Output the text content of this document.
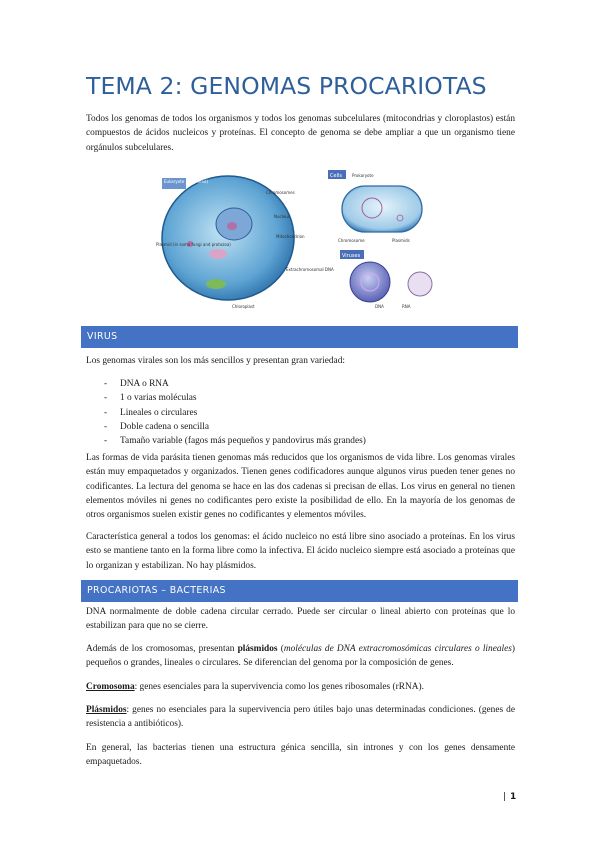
TEMA 2: GENOMAS PROCARIOTAS

Todos los genomas de todos los organismos y todos los genomas subcelulares (mitocondrias y cloroplastos) están compuestos de ácidos nucleicos y proteínas. El concepto de genoma se debe ampliar a que un organismo tiene orgánulos subcelulares.

Eukaryote (simplified)
Chromosomes
Nucleus
Mitochondrion
Plasmid (in some fungi and protozoa)
Extrachromosomal DNA
Chloroplast
Cells	Prokaryote
Chromosome	Plasmids
Viruses
DNA	RNA
VIRUS

Los genomas virales son los más sencillos y presentan gran variedad:

- DNA o RNA
- 1 o varias moléculas
- Lineales o circulares
- Doble cadena o sencilla
- Tamaño variable (fagos más pequeños y pandovirus más grandes)

Las formas de vida parásita tienen genomas más reducidos que los organismos de vida libre. Los genomas virales están muy empaquetados y organizados. Tienen genes codificadores aunque algunos virus pueden tener genes no codificantes. La lectura del genoma se hace en las dos cadenas si precisan de ellas. Los virus en general no tienen elementos móviles ni genes no codificantes pero existe la posibilidad de ello. En la mayoría de los genomas de otros organismos suelen existir genes no codificantes y elementos móviles.

Característica general a todos los genomas: el ácido nucleico no está libre sino asociado a proteínas. En los virus esto se mantiene tanto en la forma libre como la infectiva. El ácido nucleico siempre está asociado a proteínas que lo organizan y estabilizan. No hay plásmidos.

PROCARIOTAS – BACTERIAS

DNA normalmente de doble cadena circular cerrado. Puede ser circular o lineal abierto con proteínas que lo estabilizan para que no se cierre.

Además de los cromosomas, presentan plásmidos (moléculas de DNA extracromosómicas circulares o lineales) pequeños o grandes, lineales o circulares. Se diferencian del genoma por la composición de genes.

Cromosoma: genes esenciales para la supervivencia como los genes ribosomales (rRNA).

Plásmidos: genes no esenciales para la supervivencia pero útiles bajo unas determinadas condiciones. (genes de resistencia a antibióticos).

En general, las bacterias tienen una estructura génica sencilla, sin intrones y con los genes densamente empaquetados.

| 1
